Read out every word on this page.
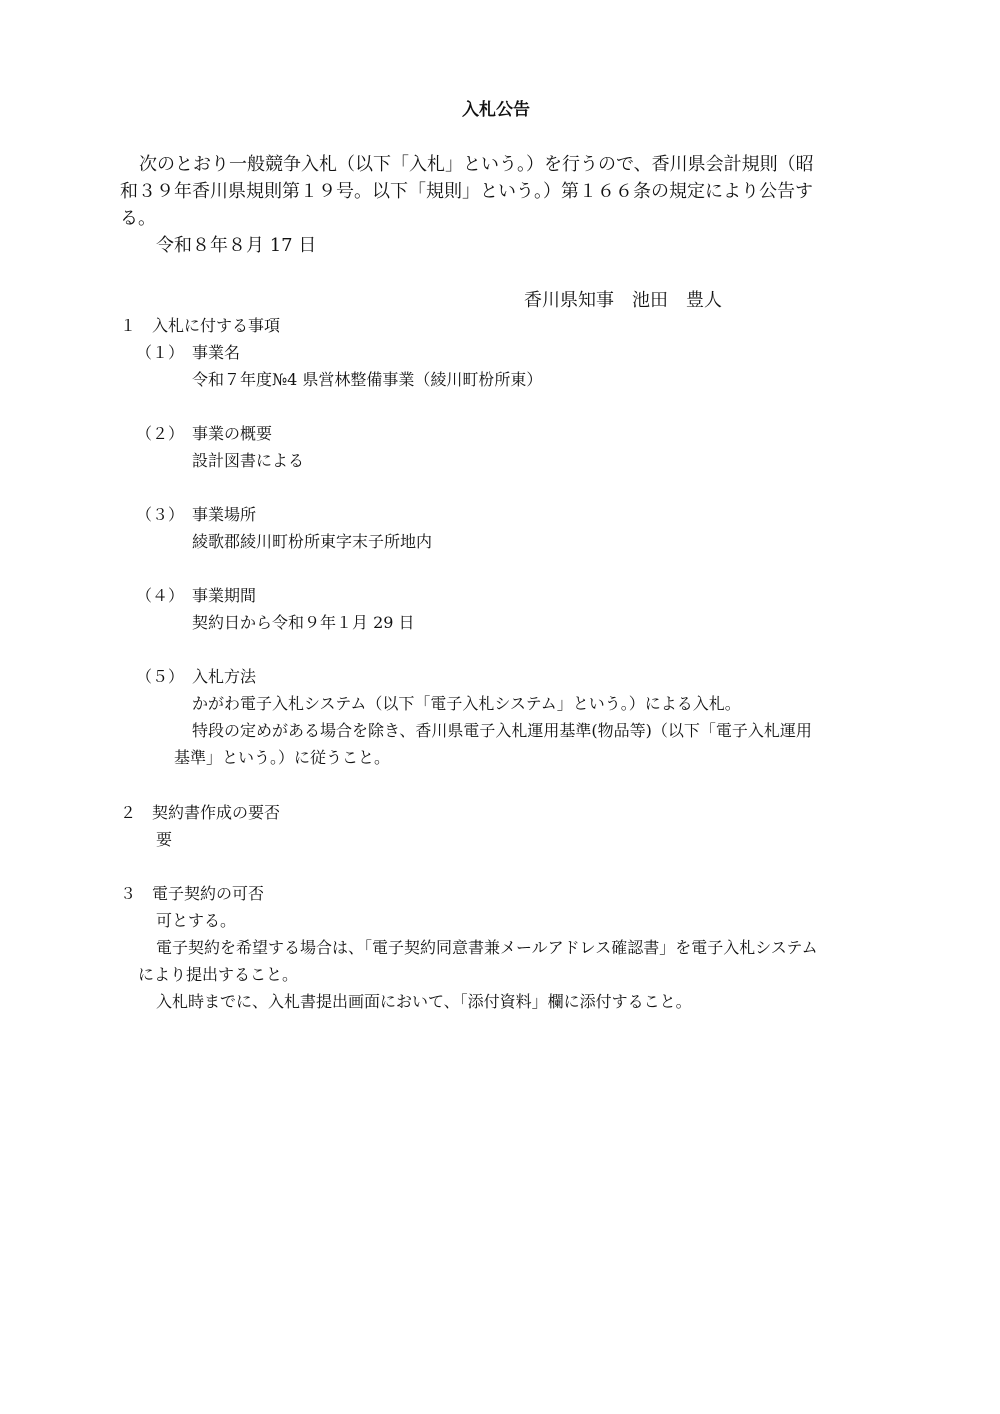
入札公告
次のとおり一般競争入札（以下「入札」という。）を行うので、香川県会計規則（昭
和３９年香川県規則第１９号。以下「規則」という。）第１６６条の規定により公告す
る。
令和８年８月 17 日
香川県知事　池田　豊人
１　入札に付する事項
（１）　事業名
令和７年度№4 県営林整備事業（綾川町枌所東）
（２）　事業の概要
設計図書による
（３）　事業場所
綾歌郡綾川町枌所東字末子所地内
（４）　事業期間
契約日から令和９年１月 29 日
（５）　入札方法
かがわ電子入札システム（以下「電子入札システム」という。）による入札。
特段の定めがある場合を除き、香川県電子入札運用基準(物品等)（以下「電子入札運用
基準」という。）に従うこと。
２　契約書作成の要否
要
３　電子契約の可否
可とする。
電子契約を希望する場合は、「電子契約同意書兼メールアドレス確認書」を電子入札システム
により提出すること。
入札時までに、入札書提出画面において、「添付資料」欄に添付すること。
